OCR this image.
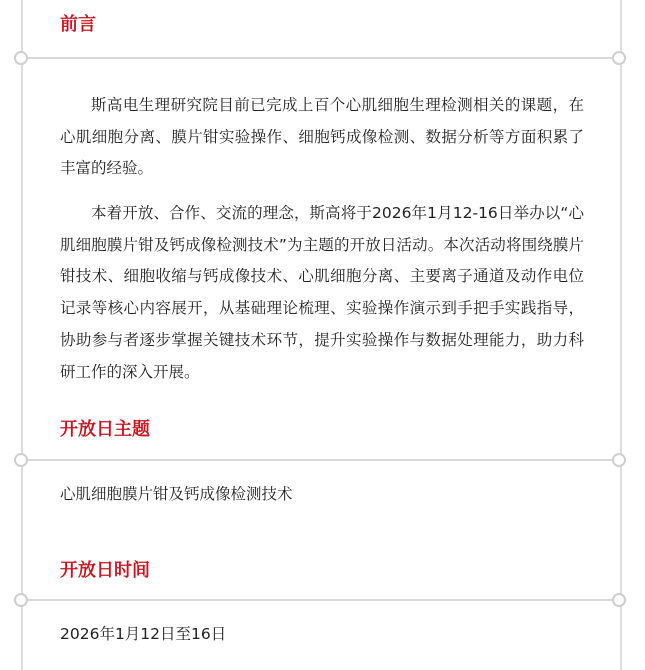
前言

斯高电生理研究院目前已完成上百个心肌细胞生理检测相关的课题，在心肌细胞分离、膜片钳实验操作、细胞钙成像检测、数据分析等方面积累了丰富的经验。

本着开放、合作、交流的理念，斯高将于2026年1月12-16日举办以“心肌细胞膜片钳及钙成像检测技术”为主题的开放日活动。本次活动将围绕膜片钳技术、细胞收缩与钙成像技术、心肌细胞分离、主要离子通道及动作电位记录等核心内容展开，从基础理论梳理、实验操作演示到手把手实践指导，协助参与者逐步掌握关键技术环节，提升实验操作与数据处理能力，助力科研工作的深入开展。

开放日主题

心肌细胞膜片钳及钙成像检测技术

开放日时间

2026年1月12日至16日
